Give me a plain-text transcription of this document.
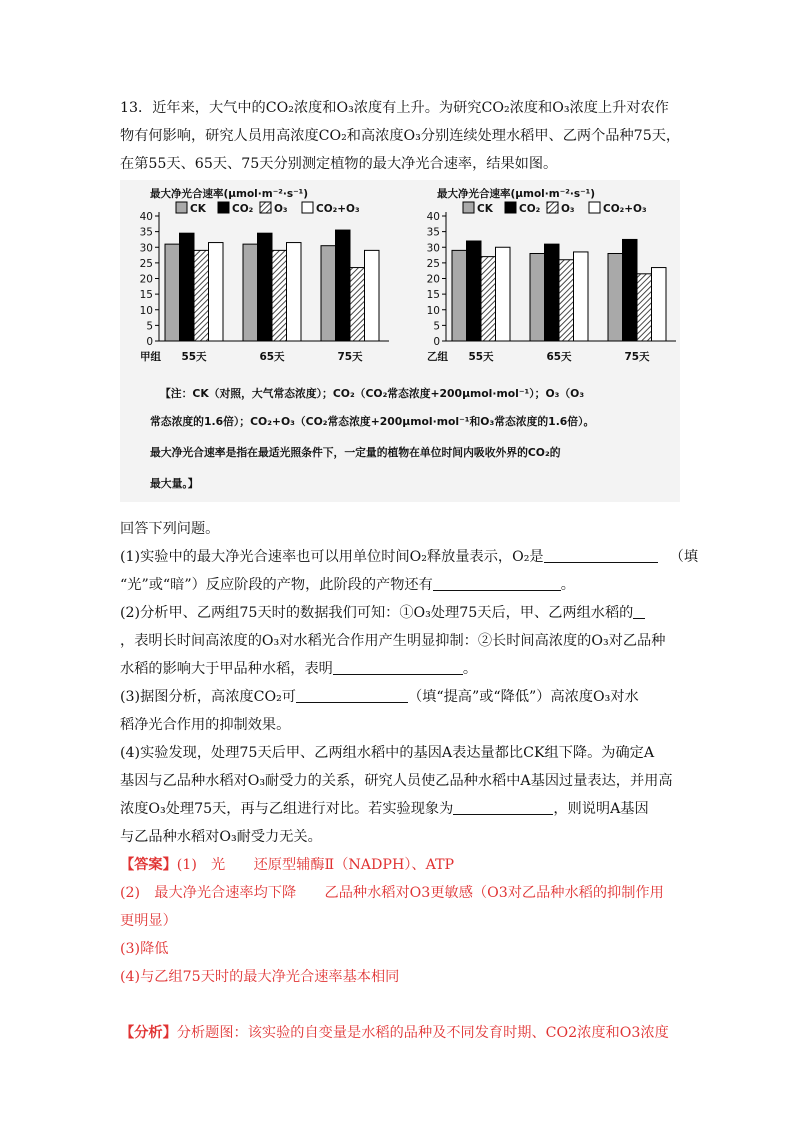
13．近年来，大气中的CO₂浓度和O₃浓度有上升。为研究CO₂浓度和O₃浓度上升对农作
物有何影响，研究人员用高浓度CO₂和高浓度O₃分别连续处理水稻甲、乙两个品种75天，
在第55天、65天、75天分别测定植物的最大净光合速率，结果如图。
最大净光合速率(μmol·m⁻²·s⁻¹)	最大净光合速率(μmol·m⁻²·s⁻¹)
CK CO₂ O₃	CO₂+O₃
0
5
10
15
20
25
30
35
40
甲组 55天	65天	75天
CK CO₂ O₃	CO₂+O₃
0
5
10
15
20
25
30
35
40
乙组 55天	65天	75天
【注：CK（对照，大气常态浓度）；CO₂（CO₂常态浓度+200μmol·mol⁻¹）；O₃（O₃
常态浓度的1.6倍）；CO₂+O₃（CO₂常态浓度+200μmol·mol⁻¹和O₃常态浓度的1.6倍）。
最大净光合速率是指在最适光照条件下，一定量的植物在单位时间内吸收外界的CO₂的
最大量。】
回答下列问题。
(1)实验中的最大净光合速率也可以用单位时间O₂释放量表示，O₂是	（填
“光”或“暗”）反应阶段的产物，此阶段的产物还有	。
(2)分析甲、乙两组75天时的数据我们可知：①O₃处理75天后，甲、乙两组水稻的
，表明长时间高浓度的O₃对水稻光合作用产生明显抑制：②长时间高浓度的O₃对乙品种
水稻的影响大于甲品种水稻，表明	。
(3)据图分析，高浓度CO₂可	（填“提高”或“降低”）高浓度O₃对水
稻净光合作用的抑制效果。
(4)实验发现，处理75天后甲、乙两组水稻中的基因A表达量都比CK组下降。为确定A
基因与乙品种水稻对O₃耐受力的关系，研究人员使乙品种水稻中A基因过量表达，并用高
浓度O₃处理75天，再与乙组进行对比。若实验现象为	，则说明A基因
与乙品种水稻对O₃耐受力无关。
【答案】(1)　光　　还原型辅酶Ⅱ（NADPH）、ATP
(2)　最大净光合速率均下降　　乙品种水稻对O3更敏感（O3对乙品种水稻的抑制作用
更明显）
(3)降低
(4)与乙组75天时的最大净光合速率基本相同
【分析】分析题图：该实验的自变量是水稻的品种及不同发育时期、CO2浓度和O3浓度
